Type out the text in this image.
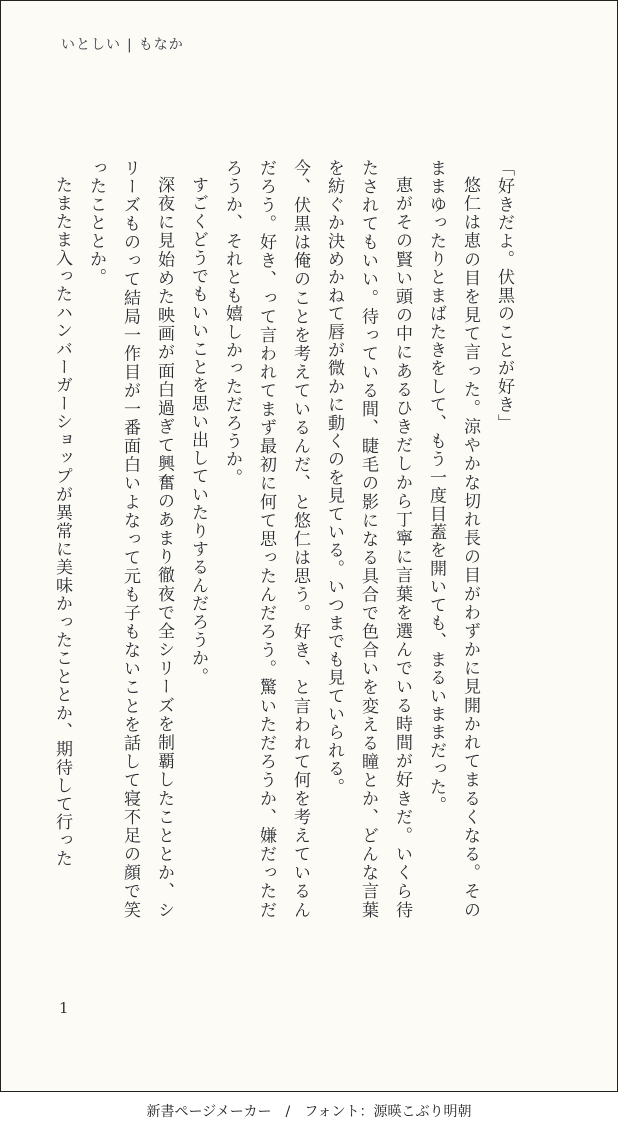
いとしい | もなか

「好きだよ。伏黒のことが好き」

悠仁は恵の目を見て言った。涼やかな切れ長の目がわずかに見開かれてまるくなる。そのままゆったりとまばたきをして、もう一度目蓋を開いても、まるいままだった。

恵がその賢い頭の中にあるひきだしから丁寧に言葉を選んでいる時間が好きだ。いくら待たされてもいい。待っている間、睫毛の影になる具合で色合いを変える瞳とか、どんな言葉を紡ぐか決めかねて唇が微かに動くのを見ている。いつまでも見ていられる。

今、伏黒は俺のことを考えているんだ、と悠仁は思う。好き、と言われて何を考えているんだろう。好き、って言われてまず最初に何て思ったんだろう。驚いただろうか、嫌だっただろうか、それとも嬉しかっただろうか。

すごくどうでもいいことを思い出していたりするんだろうか。

深夜に見始めた映画が面白過ぎて興奮のあまり徹夜で全シリーズを制覇したこととか、シリーズものって結局一作目が一番面白いよなって元も子もないことを話して寝不足の顔で笑ったこととか。

たまたま入ったハンバーガーショップが異常に美味かったこととか、期待して行った

1
新書ページメーカー / フォント：源暎こぶり明朝
